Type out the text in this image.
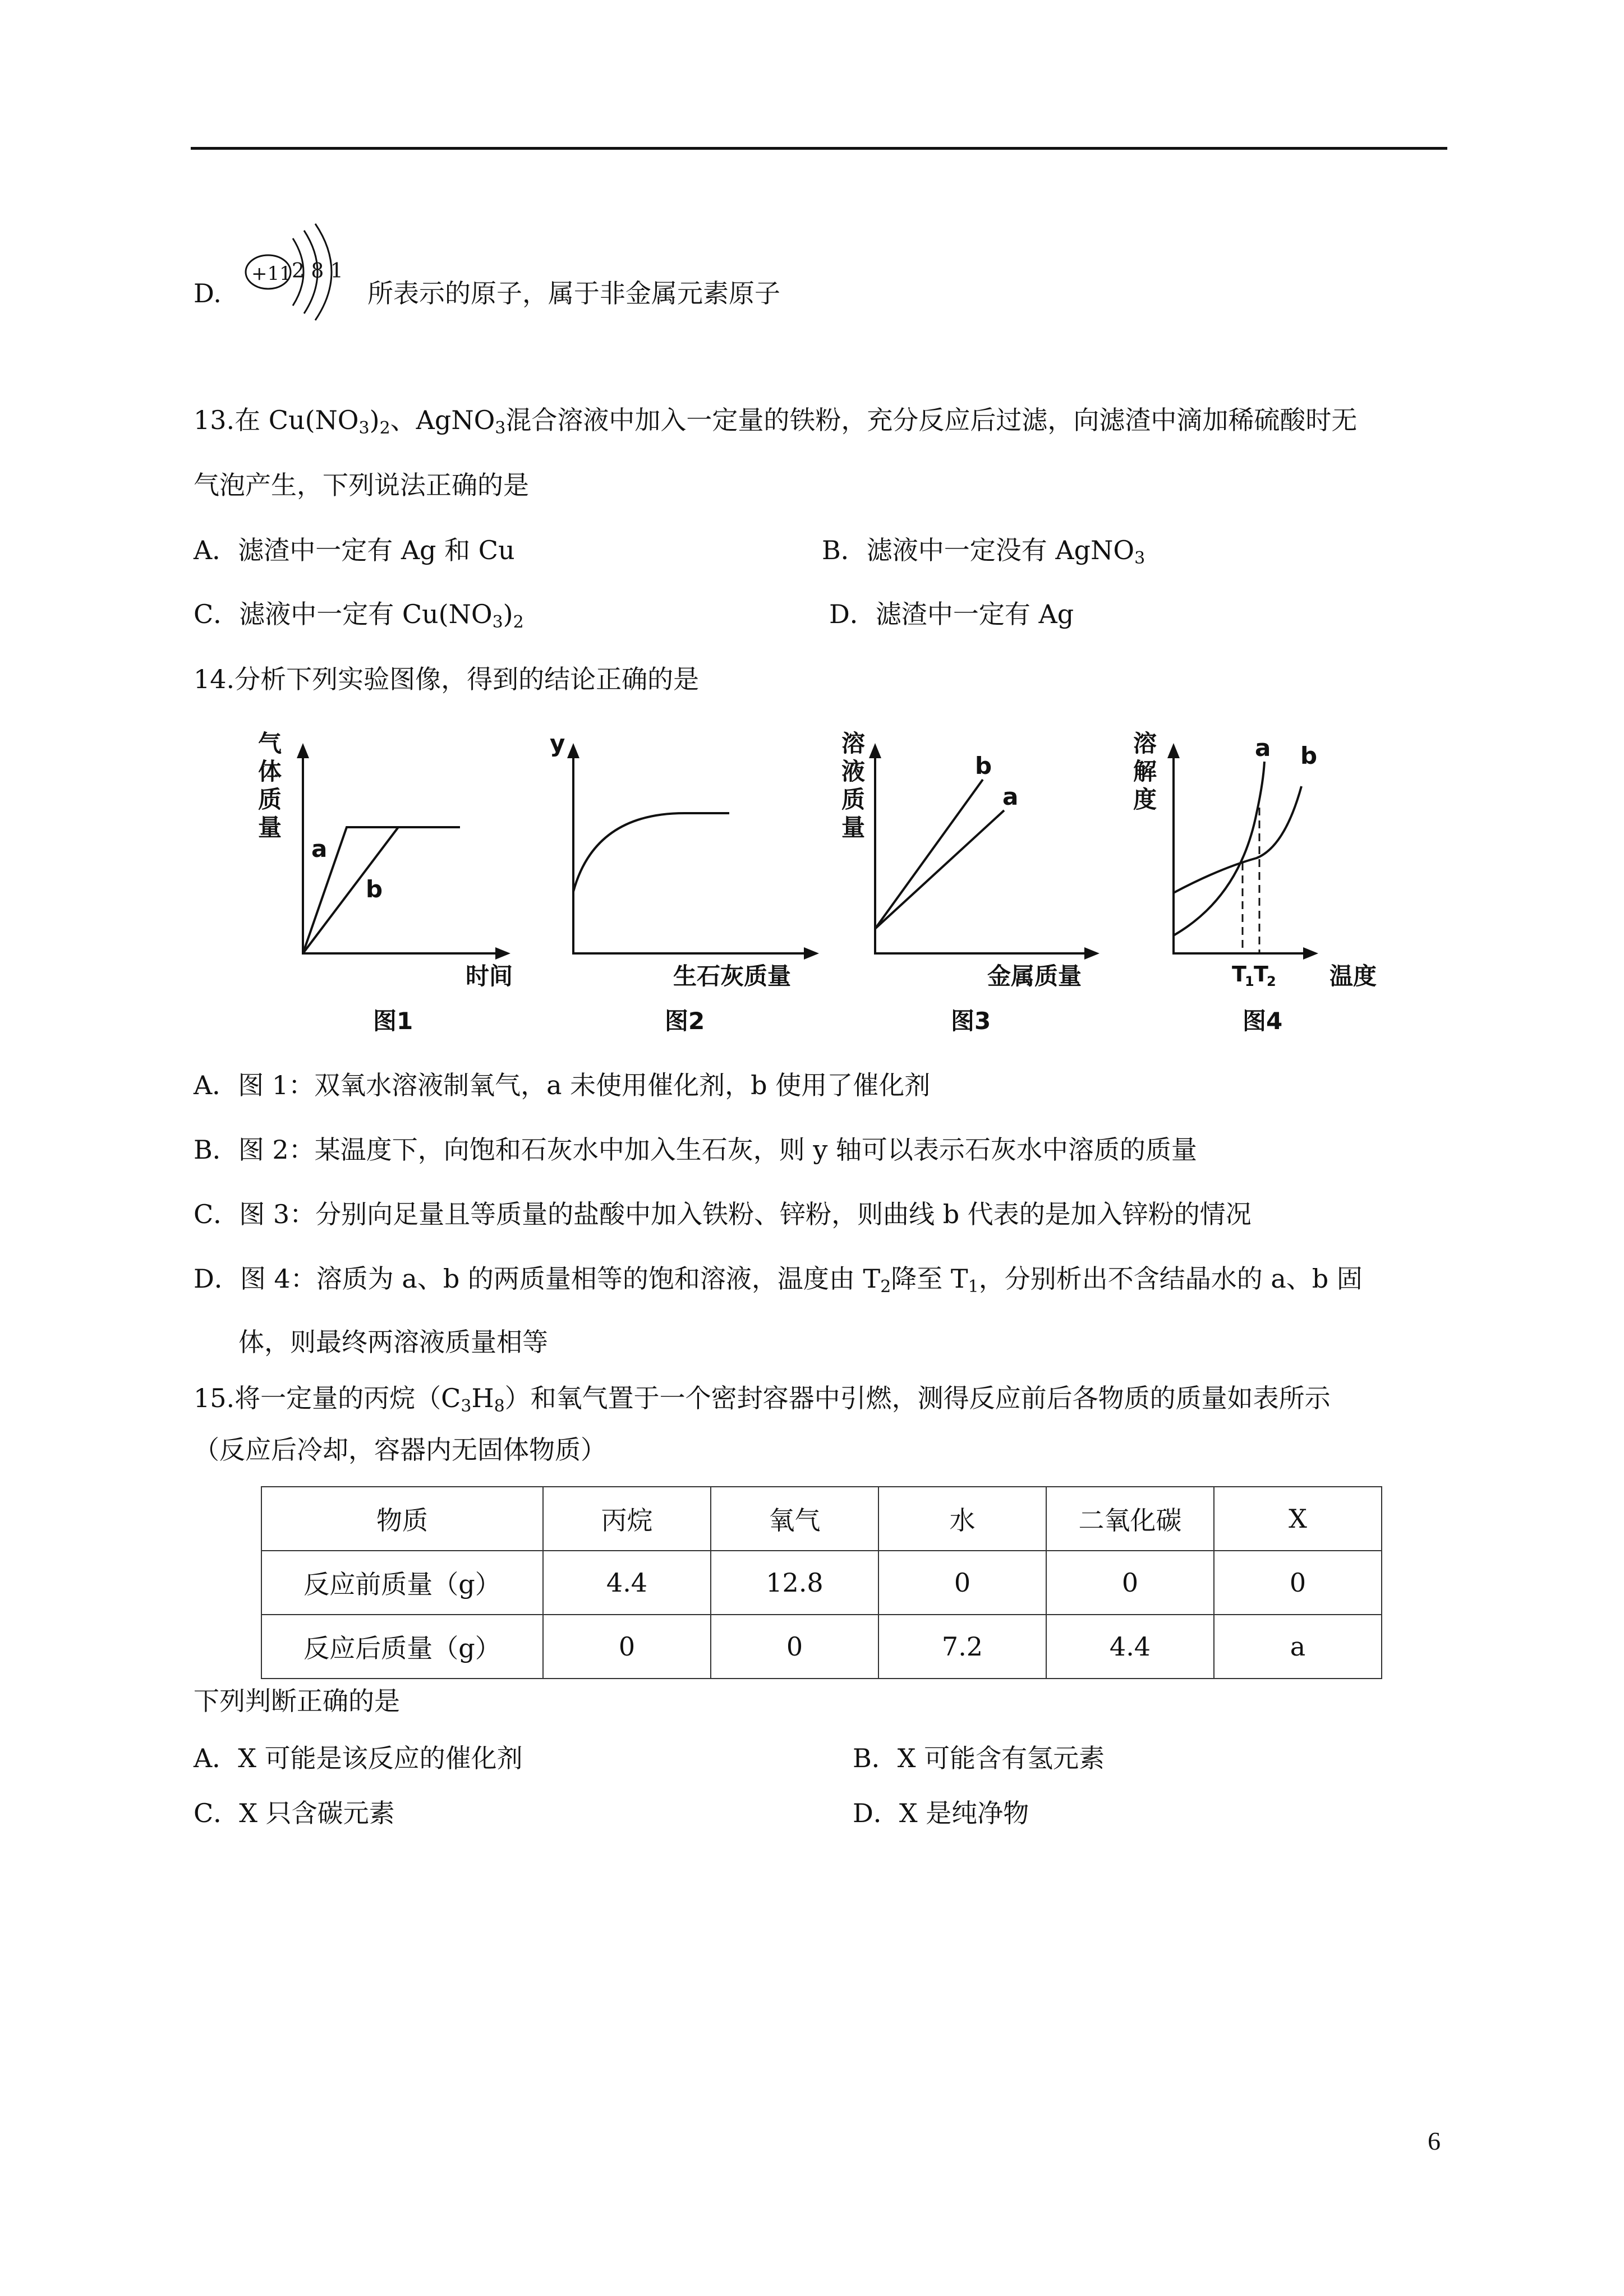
D.
+11 2 8 1
所表示的原子，属于非金属元素原子
13.在 $Cu(NO_3)_2$、AgNO$_3$混合溶液中加入一定量的铁粉，充分反应后过滤，向滤渣中滴加稀硫酸时无
气泡产生，下列说法正确的是
A．滤渣中一定有 Ag 和 Cu	B．滤液中一定没有 AgNO$_3$
C．滤液中一定有 $Cu(NO_3)_2$	D．滤渣中一定有 Ag
14.分析下列实验图像，得到的结论正确的是
气
体
质
量
a
b
时间
图1
y
生石灰质量
图2
溶
液
质
量
b
a
金属质量
图3
溶
解
度
a b
T
1 T
2 温度
图4
A．图 1：双氧水溶液制氧气，a 未使用催化剂，b 使用了催化剂
B．图 2：某温度下，向饱和石灰水中加入生石灰，则 y 轴可以表示石灰水中溶质的质量
C．图 3：分别向足量且等质量的盐酸中加入铁粉、锌粉，则曲线 b 代表的是加入锌粉的情况
D．图 4：溶质为 a、b 的两质量相等的饱和溶液，温度由 $T_2$降至 $T_1$，分别析出不含结晶水的 a、b 固
体，则最终两溶液质量相等
15.将一定量的丙烷$(C_3H_8)$和氧气置于一个密封容器中引燃，测得反应前后各物质的质量如表所示
（反应后冷却，容器内无固体物质）
物质	丙烷	氧气	水	二氧化碳	X
反应前质量（g）	4.4	12.8	0	0	0
反应后质量（g）	0	0	7.2	4.4	a
下列判断正确的是
A．X 可能是该反应的催化剂	B．X 可能含有氢元素
C．X 只含碳元素	D．X 是纯净物
6
